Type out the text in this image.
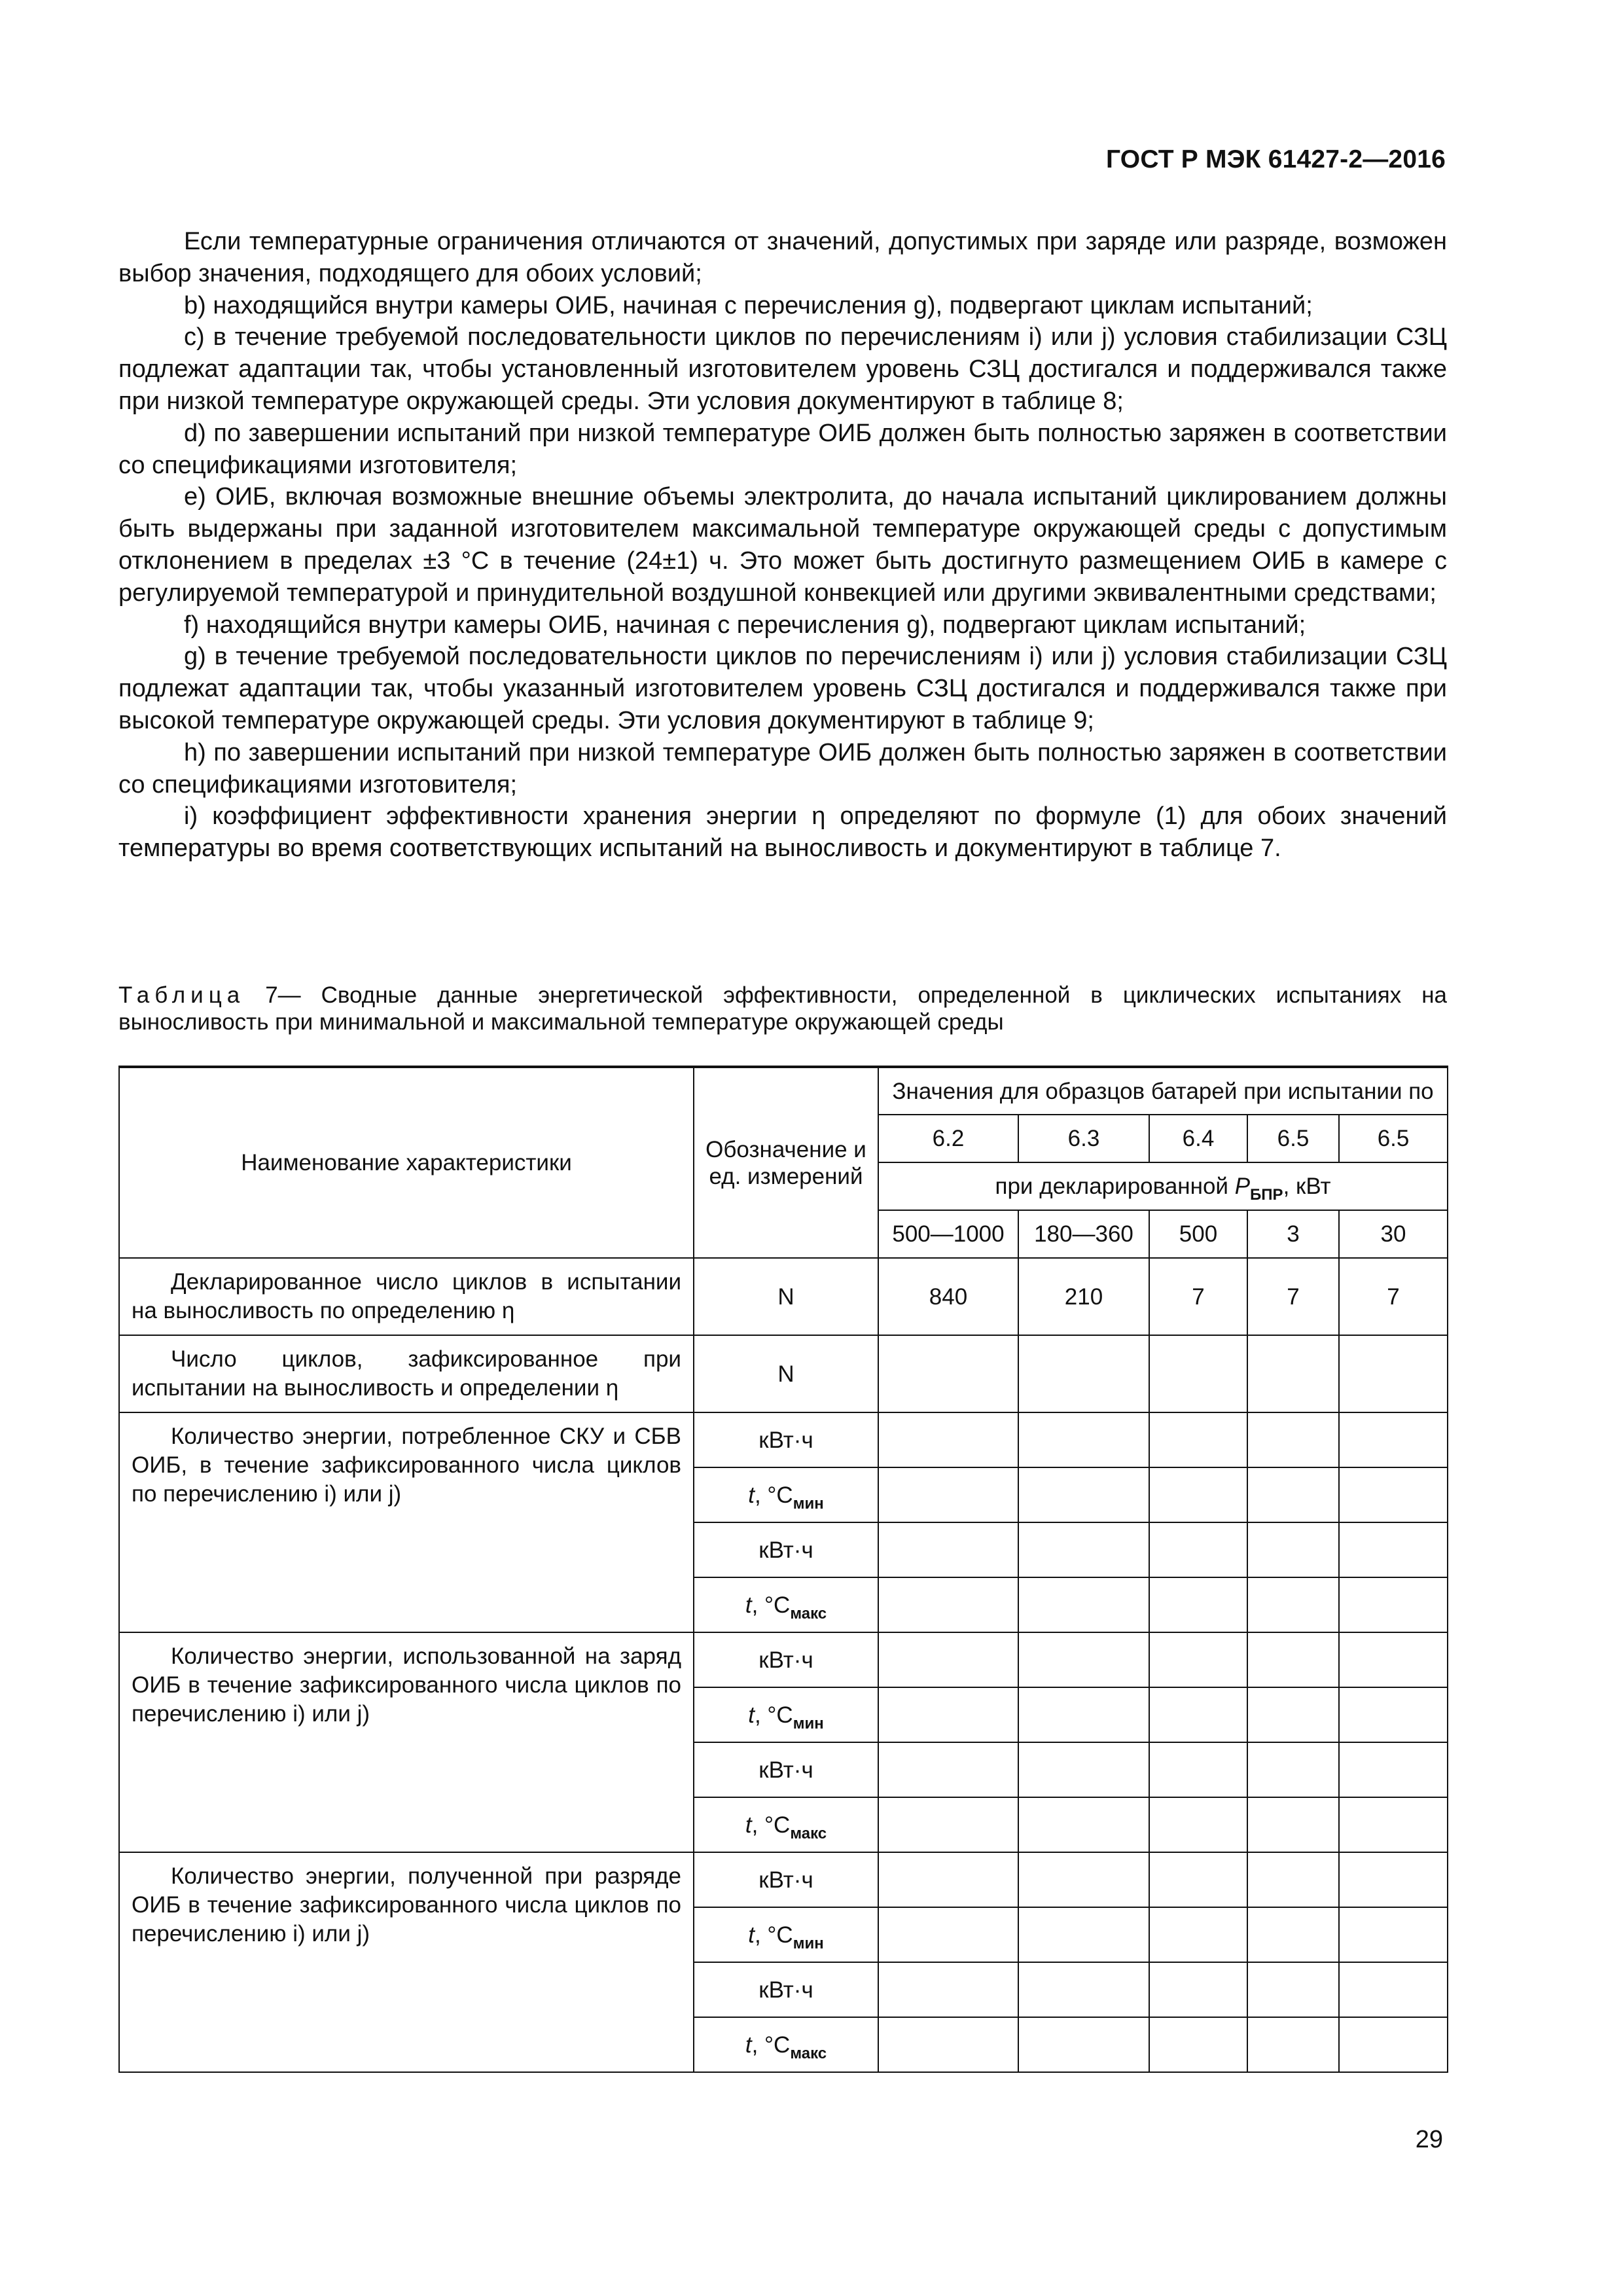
ГОСТ Р МЭК 61427-2—2016

Если температурные ограничения отличаются от значений, допустимых при заряде или разряде, возможен выбор значения, подходящего для обоих условий;

b) находящийся внутри камеры ОИБ, начиная с перечисления g), подвергают циклам испытаний;

c) в течение требуемой последовательности циклов по перечислениям i) или j) условия стабилизации СЗЦ подлежат адаптации так, чтобы установленный изготовителем уровень СЗЦ достигался и поддерживался также при низкой температуре окружающей среды. Эти условия документируют в таблице 8;

d) по завершении испытаний при низкой температуре ОИБ должен быть полностью заряжен в соответствии со спецификациями изготовителя;

e) ОИБ, включая возможные внешние объемы электролита, до начала испытаний циклированием должны быть выдержаны при заданной изготовителем максимальной температуре окружающей среды с допустимым отклонением в пределах ±3 °С в течение (24±1) ч. Это может быть достигнуто размещением ОИБ в камере с регулируемой температурой и принудительной воздушной конвекцией или другими эквивалентными средствами;

f) находящийся внутри камеры ОИБ, начиная с перечисления g), подвергают циклам испытаний;

g) в течение требуемой последовательности циклов по перечислениям i) или j) условия стабилизации СЗЦ подлежат адаптации так, чтобы указанный изготовителем уровень СЗЦ достигался и поддерживался также при высокой температуре окружающей среды. Эти условия документируют в таблице 9;

h) по завершении испытаний при низкой температуре ОИБ должен быть полностью заряжен в соответствии со спецификациями изготовителя;

i) коэффициент эффективности хранения энергии η определяют по формуле (1) для обоих значений температуры во время соответствующих испытаний на выносливость и документируют в таблице 7.

Таблица 7— Сводные данные энергетической эффективности, определенной в циклических испытаниях на выносливость при минимальной и максимальной температуре окружающей среды
Наименование характеристики	Обозначение и ед. измерений	Значения для образцов батарей при испытании по				
		6.2	6.3	6.4	6.5	6.5
		при декларированной $P_{БПР}$, кВт				
		500—1000	180—360	500	3	30
Декларированное число циклов в испытании на выносливость по определению η	N	840	210	7	7	7
Число циклов, зафиксированное при испытании на выносливость и определении η	N					
Количество энергии, потребленное СКУ и СБВ ОИБ, в течение зафиксированного числа циклов по перечислению i) или j)	кВт·ч					
	t, $^\circ С_{мин}$					
	кВт·ч					
	t, $^\circ С_{макс}$					
Количество энергии, использованной на заряд ОИБ в течение зафиксированного числа циклов по перечислению i) или j)	кВт·ч					
	t, $^\circ С_{мин}$					
	кВт·ч					
	t, $^\circ С_{макс}$					
Количество энергии, полученной при разряде ОИБ в течение зафиксированного числа циклов по перечислению i) или j)	кВт·ч					
	t, $^\circ С_{мин}$					
	кВт·ч					
	t, $^\circ С_{макс}$					
29
